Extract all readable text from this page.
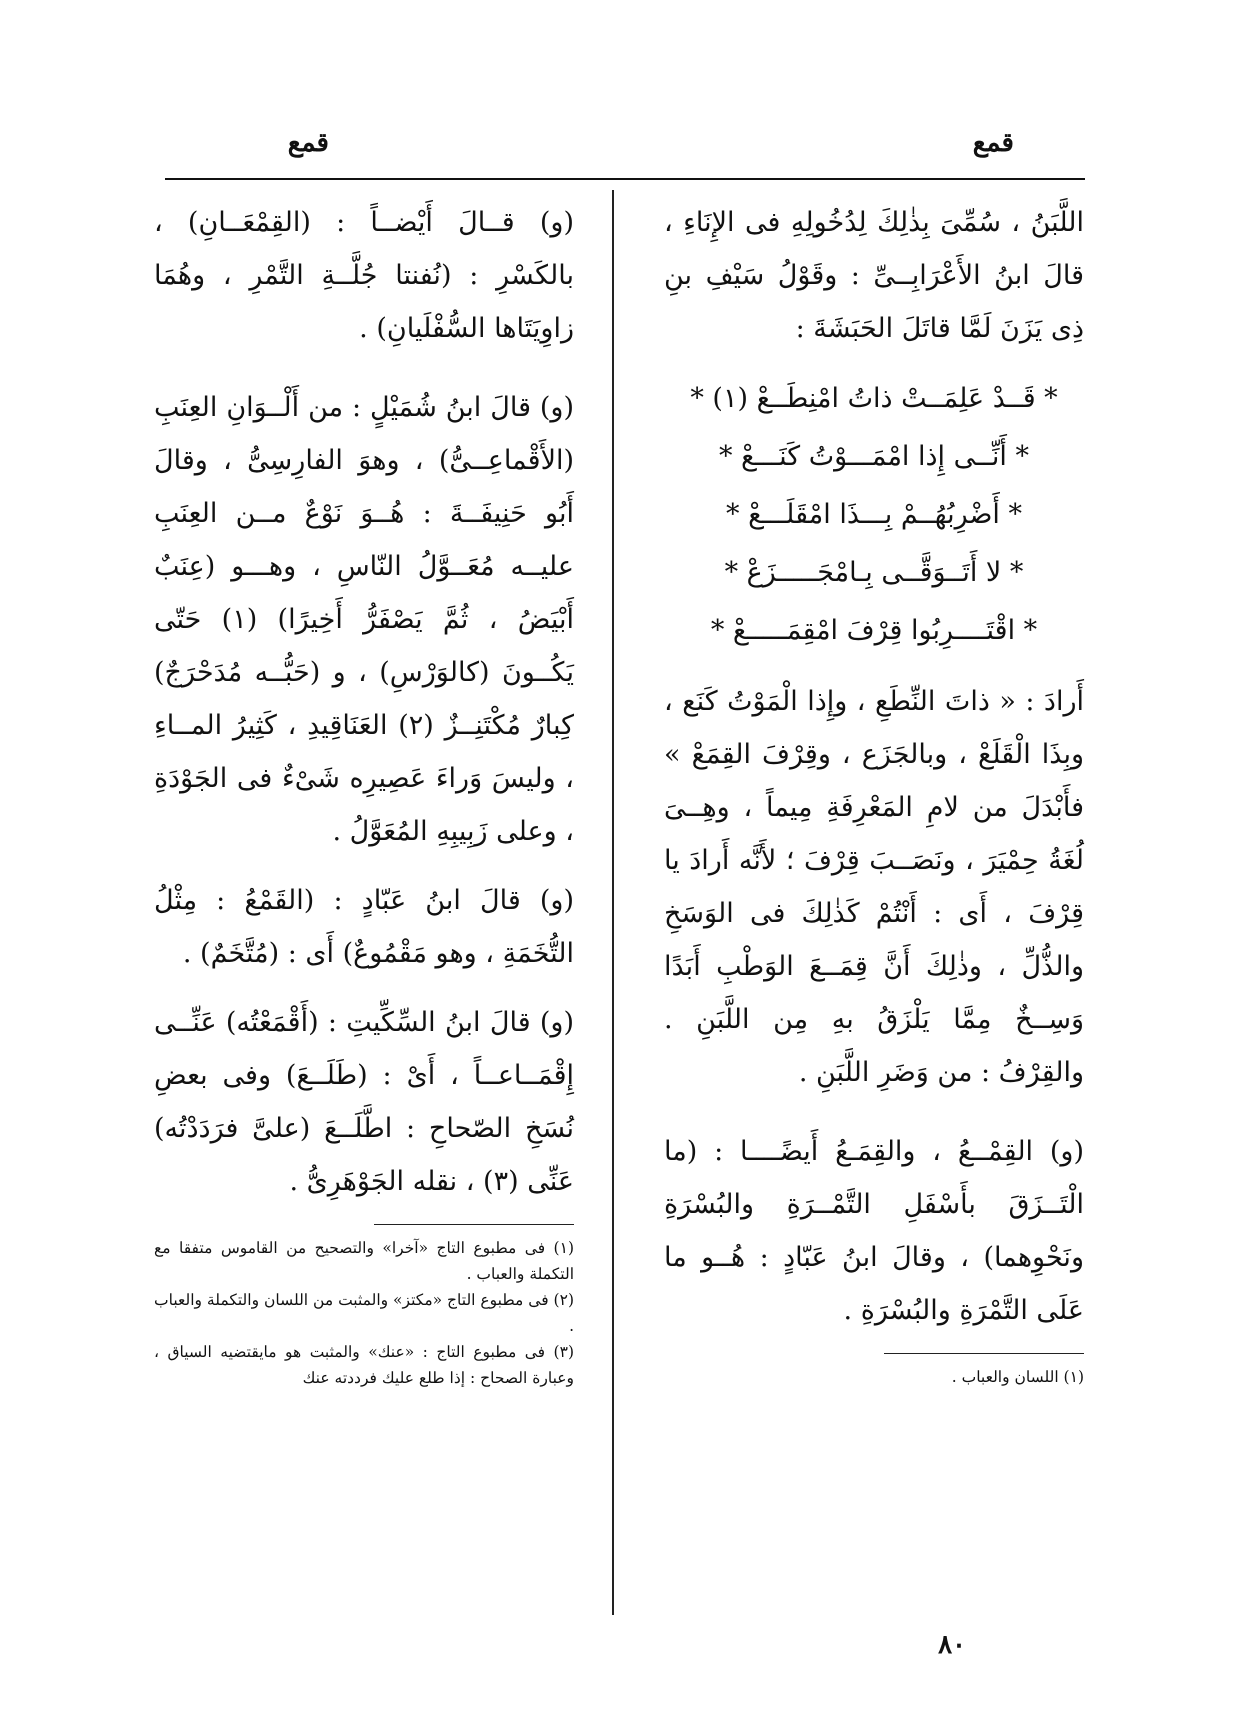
قمع
قمع

اللَّبَنُ ، سُمِّىَ بِذٰلِكَ لِدُخُولِهِ فى الإِنَاءِ ، قالَ ابنُ الأَعْرَابِــىِّ : وقَوْلُ سَيْفِ بنِ ذِى يَزَنَ لَمَّا قاتَلَ الحَبَشَةَ :

* قَــدْ عَلِمَــتْ ذاتُ امْنِطَــعْ (١) *
* أَنِّــى إِذا امْمَـــوْتُ كَنَـــعْ *
* أَضْرِبُهُــمْ بِـــذَا امْقَلَـــعْ *
* لا أَتَــوَقَّــى بِـامْجَـــــزَعْ *
* اقْتَــــرِبُوا قِرْفَ امْقِمَـــــعْ *

أَرادَ : « ذاتَ النِّطَعِ ، وإِذا الْمَوْتُ كَنَع ، وبِذَا الْقَلَعْ ، وبالجَزَع ، وقِرْفَ القِمَعْ » فأَبْدَلَ من لامِ المَعْرِفَةِ مِيماً ، وهِــىَ لُغَةُ حِمْيَرَ ، ونَصَــبَ قِرْفَ ؛ لأَنَّه أَرادَ يا قِرْفَ ، أَى : أَنْتُمْ كَذٰلِكَ فى الوَسَخِ والذُّلِّ ، وذٰلِكَ أَنَّ قِمَــعَ الوَطْبِ أَبَدًا وَسِــخٌ مِمَّا يَلْزَقُ بهِ مِن اللَّبَنِ . والقِرْفُ : من وَضَرِ اللَّبَنِ .

(و) القِمْــعُ ، والقِمَـعُ أَيضًــــا : (ما الْتَــزَقَ بأَسْفَلِ التَّمْــرَةِ والبُسْرَةِ ونَحْوِهما) ، وقالَ ابنُ عَبّادٍ : هُــو ما عَلَى التَّمْرَةِ والبُسْرَةِ .

(١) اللسان والعباب .

(و) قــالَ أَيْضــاً : (القِمْعَــانِ) ، بالكَسْرِ : (نُفنتا جُلَّــةِ التَّمْرِ ، وهُمَا زاوِيَتَاها السُّفْلَيانِ) .

(و) قالَ ابنُ شُمَيْلٍ : من أَلْــوَانِ العِنَبِ (الأَقْماعِــىُّ) ، وهوَ الفارِسِىُّ ، وقالَ أَبُو حَنِيفَــةَ : هُــوَ نَوْعٌ مــن العِنَبِ عليــه مُعَــوَّلُ النّاسِ ، وهـــو (عِنَبٌ أَبْيَضُ ، ثُمَّ يَصْفَرُّ أَخِيرًا) (١) حَتّى يَكُــونَ (كالوَرْسِ) ، و (حَبُّــه مُدَحْرَجٌ) كِبارٌ مُكْتَنِــزٌ (٢) العَنَاقِيدِ ، كَثِيرُ المــاءِ ، وليسَ وَراءَ عَصِيرِه شَىْءٌ فى الجَوْدَةِ ، وعلى زَبِيبِهِ المُعَوَّلُ .

(و) قالَ ابنُ عَبّادٍ : (القَمْعُ : مِثْلُ التُّخَمَةِ ، وهو مَقْمُوعٌ) أَى : (مُتَّخَمٌ) .

(و) قالَ ابنُ السِّكِّيتِ : (أَقْمَعْتُه) عَنِّــى إِقْمَــاعــاً ، أَىْ : (طَلَــعَ) وفى بعضِ نُسَخِ الصّحاحِ : اطَّلَــعَ (علىَّ فرَدَدْتُه) عَنِّى (٣) ، نقله الجَوْهَرِىُّ .

(١) فى مطبوع التاج «آخرا» والتصحيح من القاموس متفقا مع التكملة والعباب .

(٢) فى مطبوع التاج «مكتز» والمثبت من اللسان والتكملة والعباب .

(٣) فى مطبوع التاج : «عنك» والمثبت هو مايقتضيه السياق ، وعبارة الصحاح : إذا طلع عليك فرددته عنك

٨٠
